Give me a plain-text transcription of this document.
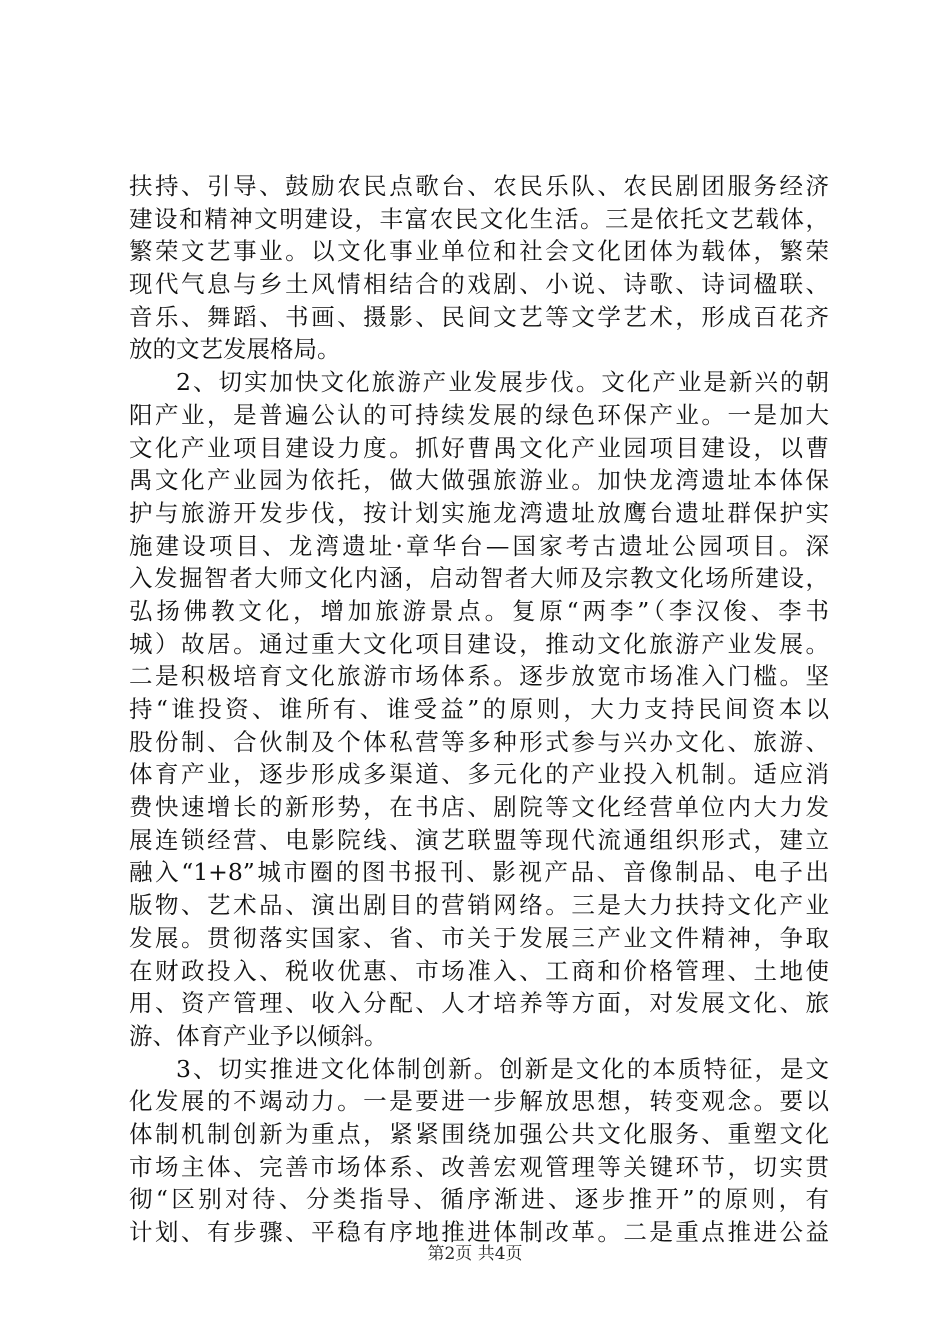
扶持、引导、鼓励农民点歌台、农民乐队、农民剧团服务经济
建设和精神文明建设，丰富农民文化生活。三是依托文艺载体，
繁荣文艺事业。以文化事业单位和社会文化团体为载体，繁荣
现代气息与乡土风情相结合的戏剧、小说、诗歌、诗词楹联、
音乐、舞蹈、书画、摄影、民间文艺等文学艺术，形成百花齐
放的文艺发展格局。
2、切实加快文化旅游产业发展步伐。文化产业是新兴的朝
阳产业，是普遍公认的可持续发展的绿色环保产业。一是加大
文化产业项目建设力度。抓好曹禺文化产业园项目建设，以曹
禺文化产业园为依托，做大做强旅游业。加快龙湾遗址本体保
护与旅游开发步伐，按计划实施龙湾遗址放鹰台遗址群保护实
施建设项目、龙湾遗址·章华台—国家考古遗址公园项目。深
入发掘智者大师文化内涵，启动智者大师及宗教文化场所建设，
弘扬佛教文化，增加旅游景点。复原“两李”（李汉俊、李书
城）故居。通过重大文化项目建设，推动文化旅游产业发展。
二是积极培育文化旅游市场体系。逐步放宽市场准入门槛。坚
持“谁投资、谁所有、谁受益”的原则，大力支持民间资本以
股份制、合伙制及个体私营等多种形式参与兴办文化、旅游、
体育产业，逐步形成多渠道、多元化的产业投入机制。适应消
费快速增长的新形势，在书店、剧院等文化经营单位内大力发
展连锁经营、电影院线、演艺联盟等现代流通组织形式，建立
融入“1+8”城市圈的图书报刊、影视产品、音像制品、电子出
版物、艺术品、演出剧目的营销网络。三是大力扶持文化产业
发展。贯彻落实国家、省、市关于发展三产业文件精神，争取
在财政投入、税收优惠、市场准入、工商和价格管理、土地使
用、资产管理、收入分配、人才培养等方面，对发展文化、旅
游、体育产业予以倾斜。
3、切实推进文化体制创新。创新是文化的本质特征，是文
化发展的不竭动力。一是要进一步解放思想，转变观念。要以
体制机制创新为重点，紧紧围绕加强公共文化服务、重塑文化
市场主体、完善市场体系、改善宏观管理等关键环节，切实贯
彻“区别对待、分类指导、循序渐进、逐步推开”的原则，有
计划、有步骤、平稳有序地推进体制改革。二是重点推进公益
第2页 共4页
